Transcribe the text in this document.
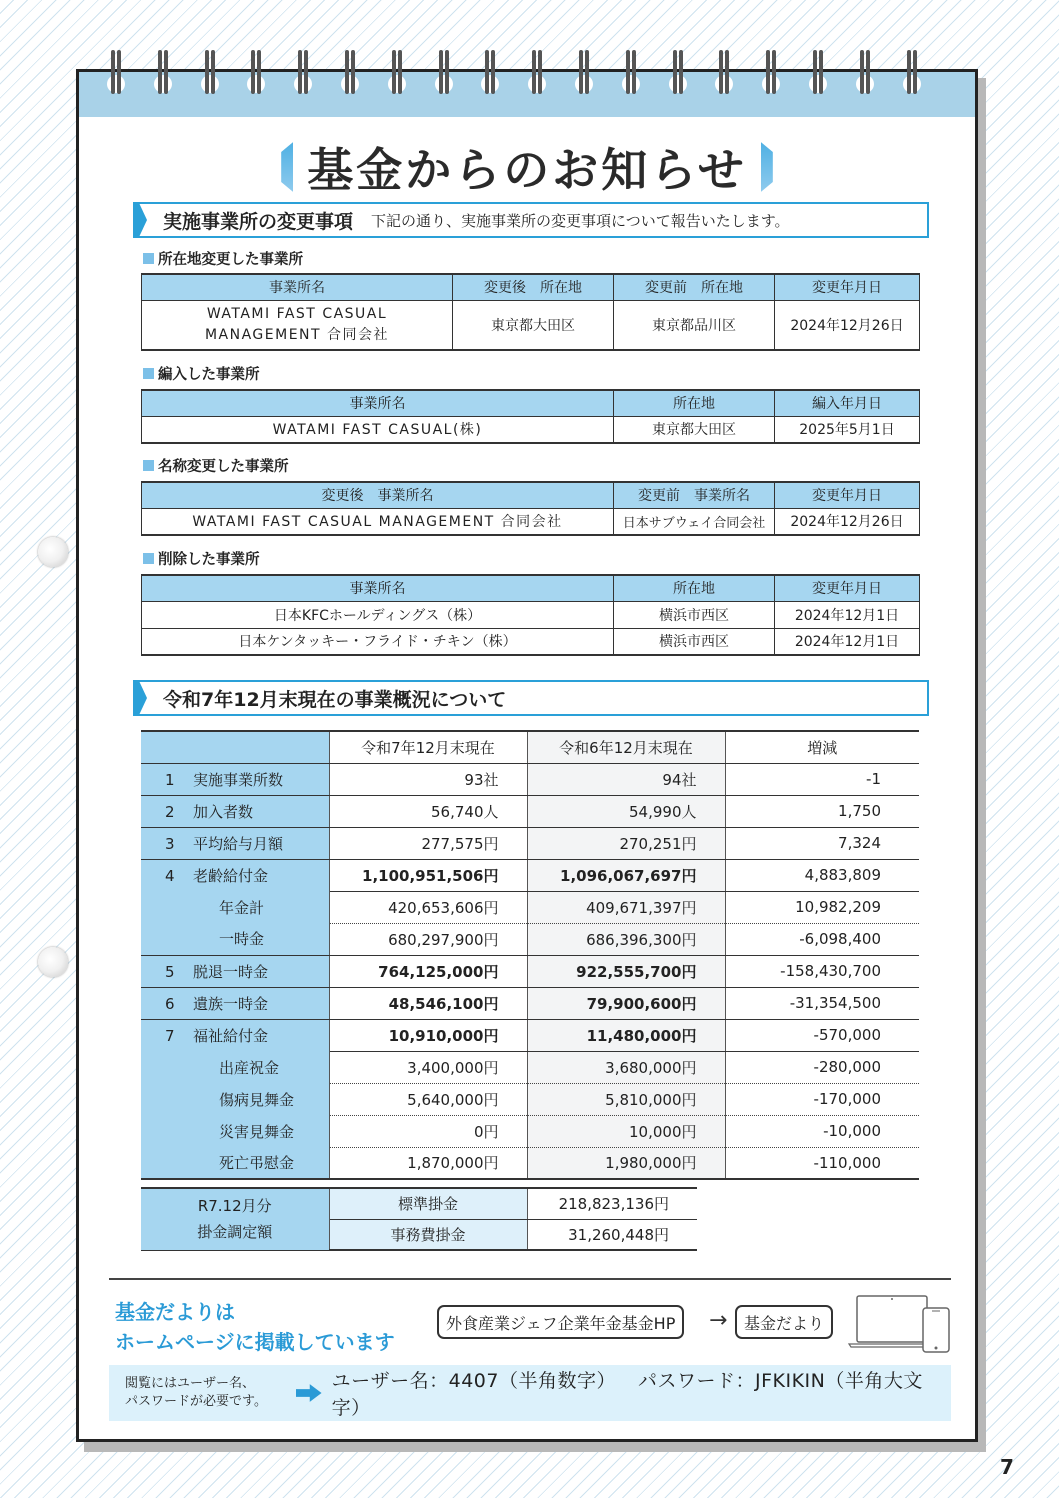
基金からのお知らせ
実施事業所の変更事項 下記の通り、実施事業所の変更事項について報告いたします。
所在地変更した事業所
事業所名	変更後　所在地	変更前　所在地	変更年月日

WATAMI FAST CASUAL
MANAGEMENT 合同会社	東京都大田区	東京都品川区	2024年12月26日
編入した事業所
事業所名	所在地	編入年月日
WATAMI FAST CASUAL(株)	東京都大田区	2025年5月1日
名称変更した事業所
変更後　事業所名	変更前　事業所名	変更年月日
WATAMI FAST CASUAL MANAGEMENT 合同会社	日本サブウェイ合同会社	2024年12月26日
削除した事業所
事業所名	所在地	変更年月日
日本KFCホールディングス（株）	横浜市西区	2024年12月1日
日本ケンタッキー・フライド・チキン（株）	横浜市西区	2024年12月1日
令和7年12月末現在の事業概況について
	令和7年12月末現在	令和6年12月末現在	増減
1 実施事業所数	93社	94社	-1
2 加入者数	56,740人	54,990人	1,750
3 平均給与月額	277,575円	270,251円	7,324
4 老齢給付金	1,100,951,506円	1,096,067,697円	4,883,809
年金計	420,653,606円	409,671,397円	10,982,209
一時金	680,297,900円	686,396,300円	-6,098,400
5 脱退一時金	764,125,000円	922,555,700円	-158,430,700
6 遺族一時金	48,546,100円	79,900,600円	-31,354,500
7 福祉給付金	10,910,000円	11,480,000円	-570,000
出産祝金	3,400,000円	3,680,000円	-280,000
傷病見舞金	5,640,000円	5,810,000円	-170,000
災害見舞金	0円	10,000円	-10,000
死亡弔慰金	1,870,000円	1,980,000円	-110,000
R7.12月分
掛金調定額	標準掛金	218,823,136円
	事務費掛金	31,260,448円
基金だよりは
ホームページに掲載しています
外食産業ジェフ企業年金基金HP	→	基金だより
閲覧にはユーザー名、
パスワードが必要です。
ユーザー名：4407（半角数字） パスワード：JFKIKIN（半角大文字）
7
